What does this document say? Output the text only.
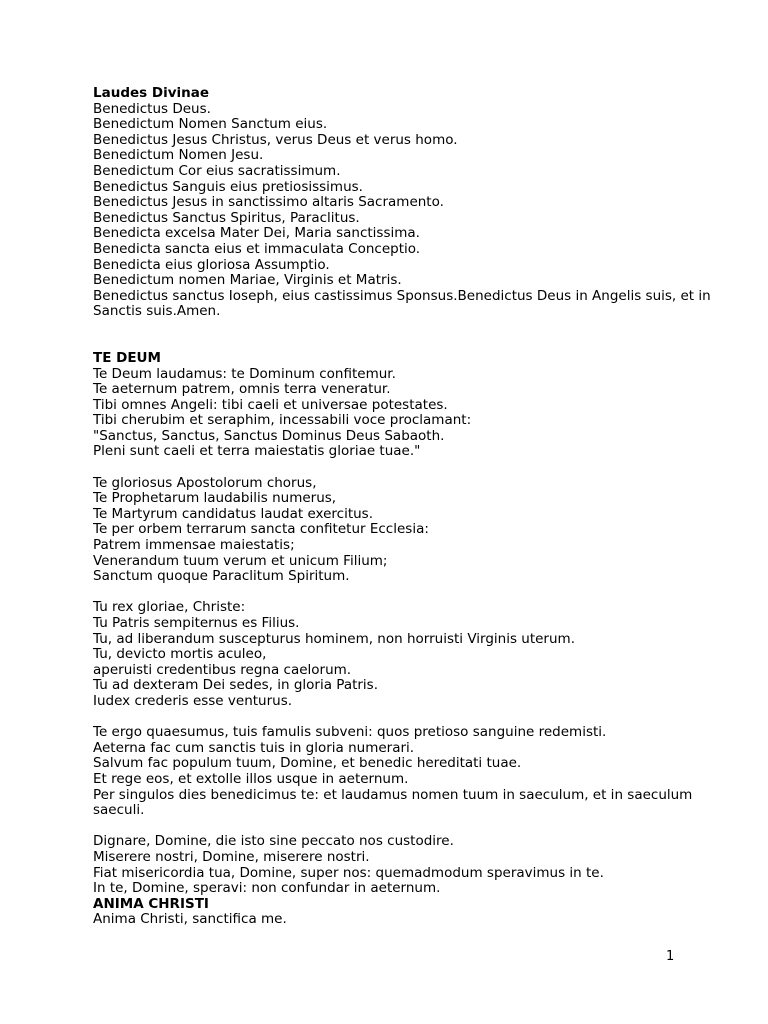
Laudes Divinae
Benedictus Deus.
Benedictum Nomen Sanctum eius.
Benedictus Jesus Christus, verus Deus et verus homo.
Benedictum Nomen Jesu.
Benedictum Cor eius sacratissimum.
Benedictus Sanguis eius pretiosissimus.
Benedictus Jesus in sanctissimo altaris Sacramento.
Benedictus Sanctus Spiritus, Paraclitus.
Benedicta excelsa Mater Dei, Maria sanctissima.
Benedicta sancta eius et immaculata Conceptio.
Benedicta eius gloriosa Assumptio.
Benedictum nomen Mariae, Virginis et Matris.
Benedictus sanctus Ioseph, eius castissimus Sponsus.Benedictus Deus in Angelis suis, et in Sanctis suis.Amen.
TE DEUM
Te Deum laudamus: te Dominum confitemur.
Te aeternum patrem, omnis terra veneratur.
Tibi omnes Angeli: tibi caeli et universae potestates.
Tibi cherubim et seraphim, incessabili voce proclamant:
"Sanctus, Sanctus, Sanctus Dominus Deus Sabaoth.
Pleni sunt caeli et terra maiestatis gloriae tuae."
Te gloriosus Apostolorum chorus,
Te Prophetarum laudabilis numerus,
Te Martyrum candidatus laudat exercitus.
Te per orbem terrarum sancta confitetur Ecclesia:
Patrem immensae maiestatis;
Venerandum tuum verum et unicum Filium;
Sanctum quoque Paraclitum Spiritum.
Tu rex gloriae, Christe:
Tu Patris sempiternus es Filius.
Tu, ad liberandum suscepturus hominem, non horruisti Virginis uterum.
Tu, devicto mortis aculeo,
aperuisti credentibus regna caelorum.
Tu ad dexteram Dei sedes, in gloria Patris.
Iudex crederis esse venturus.
Te ergo quaesumus, tuis famulis subveni: quos pretioso sanguine redemisti.
Aeterna fac cum sanctis tuis in gloria numerari.
Salvum fac populum tuum, Domine, et benedic hereditati tuae.
Et rege eos, et extolle illos usque in aeternum.
Per singulos dies benedicimus te: et laudamus nomen tuum in saeculum, et in saeculum saeculi.
Dignare, Domine, die isto sine peccato nos custodire.
Miserere nostri, Domine, miserere nostri.
Fiat misericordia tua, Domine, super nos: quemadmodum speravimus in te.
In te, Domine, speravi: non confundar in aeternum.
ANIMA CHRISTI
Anima Christi, sanctifica me.
1
